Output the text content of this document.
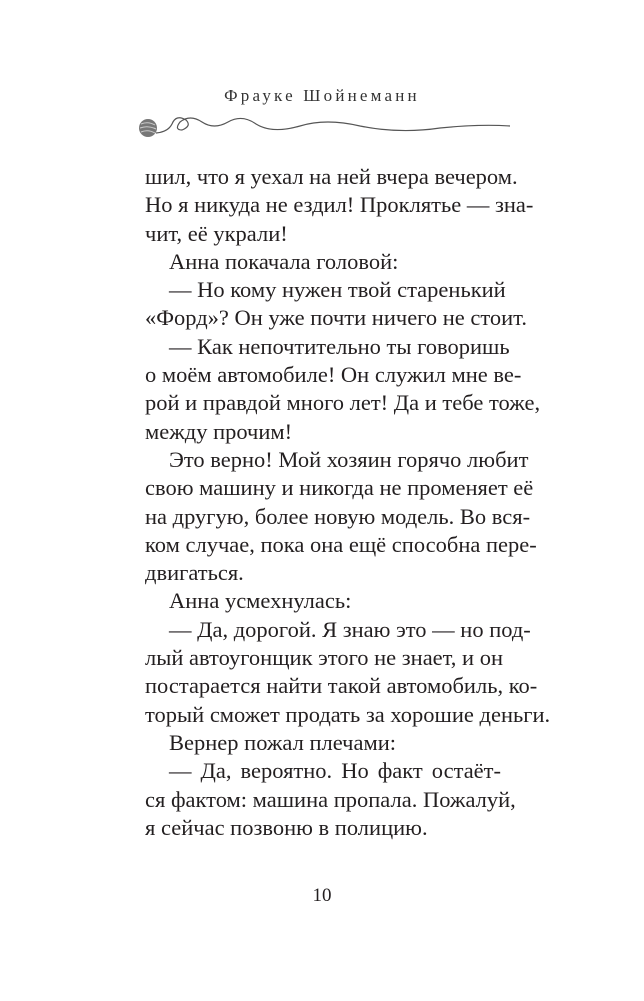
Фрауке Шойнеманн
шил, что я уехал на ней вчера вечером.
Но я никуда не ездил! Проклятье — зна-
чит, её украли!
Анна покачала головой:
— Но кому нужен твой старенький
«Форд»? Он уже почти ничего не стоит.
— Как непочтительно ты говоришь
о моём автомобиле! Он служил мне ве-
рой и правдой много лет! Да и тебе тоже,
между прочим!
Это верно! Мой хозяин горячо любит
свою машину и никогда не променяет её
на другую, более новую модель. Во вся-
ком случае, пока она ещё способна пере-
двигаться.
Анна усмехнулась:
— Да, дорогой. Я знаю это — но под-
лый автоугонщик этого не знает, и он
постарается найти такой автомобиль, ко-
торый сможет продать за хорошие деньги.
Вернер пожал плечами:
— Да, вероятно. Но факт остаёт-
ся фактом: машина пропала. Пожалуй,
я сейчас позвоню в полицию.
10
